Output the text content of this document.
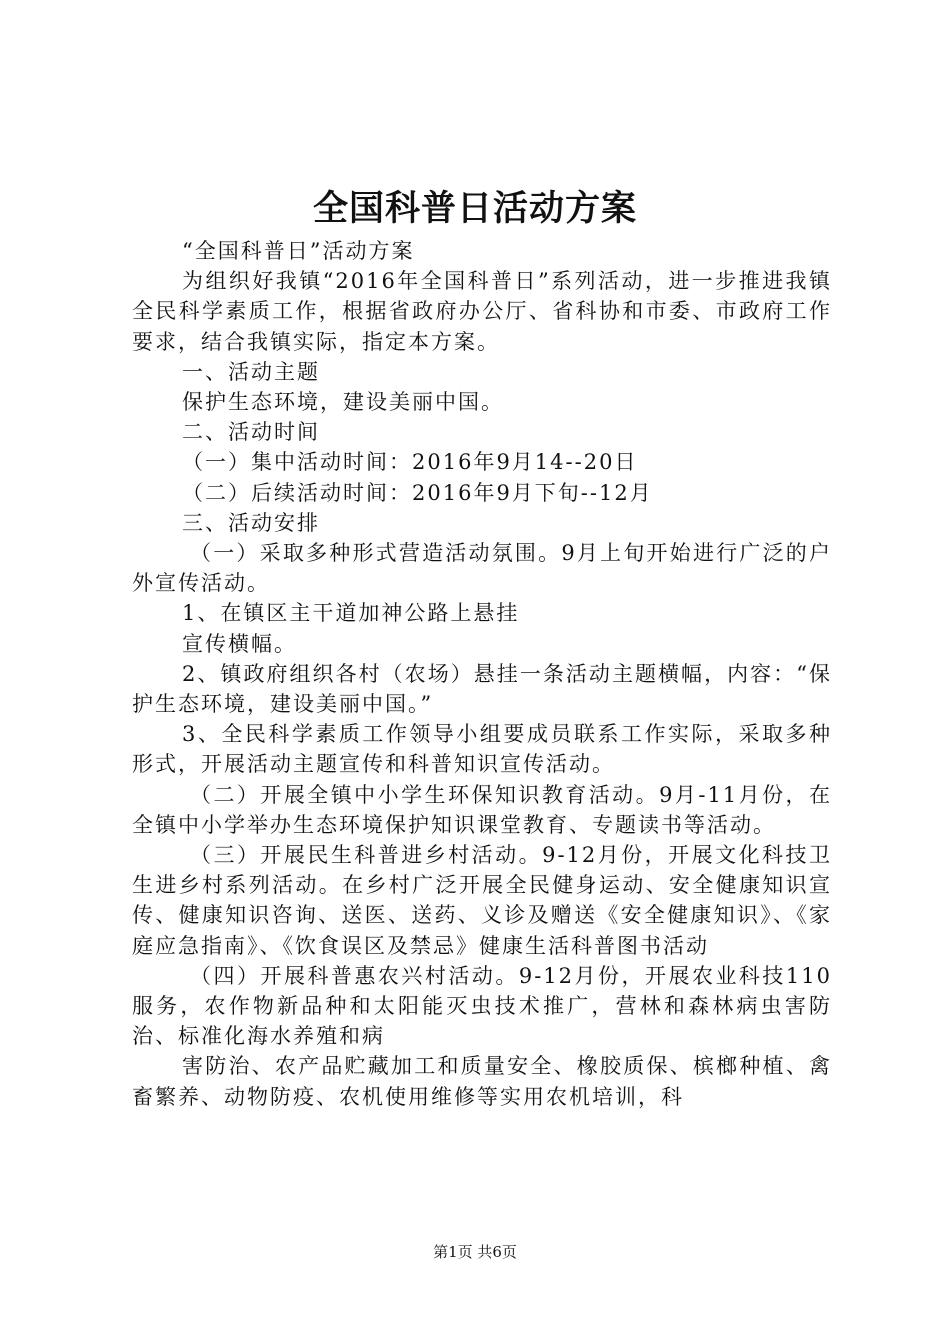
全国科普日活动方案

“全国科普日”活动方案

为组织好我镇“2016年全国科普日”系列活动，进一步推进我镇全民科学素质工作，根据省政府办公厅、省科协和市委、市政府工作要求，结合我镇实际，指定本方案。

一、活动主题

保护生态环境，建设美丽中国。

二、活动时间

（一）集中活动时间：2016年9月14--20日

（二）后续活动时间：2016年9月下旬--12月

三、活动安排

（一）采取多种形式营造活动氛围。9月上旬开始进行广泛的户外宣传活动。

1、在镇区主干道加神公路上悬挂

宣传横幅。

2、镇政府组织各村（农场）悬挂一条活动主题横幅，内容：“保护生态环境，建设美丽中国。”

3、全民科学素质工作领导小组要成员联系工作实际，采取多种形式，开展活动主题宣传和科普知识宣传活动。

（二）开展全镇中小学生环保知识教育活动。9月-11月份，在全镇中小学举办生态环境保护知识课堂教育、专题读书等活动。

（三）开展民生科普进乡村活动。9-12月份，开展文化科技卫生进乡村系列活动。在乡村广泛开展全民健身运动、安全健康知识宣传、健康知识咨询、送医、送药、义诊及赠送《安全健康知识》、《家庭应急指南》、《饮食误区及禁忌》健康生活科普图书活动

（四）开展科普惠农兴村活动。9-12月份，开展农业科技110服务，农作物新品种和太阳能灭虫技术推广，营林和森林病虫害防治、标准化海水养殖和病

害防治、农产品贮藏加工和质量安全、橡胶质保、槟榔种植、禽畜繁养、动物防疫、农机使用维修等实用农机培训，科

第1页 共6页
